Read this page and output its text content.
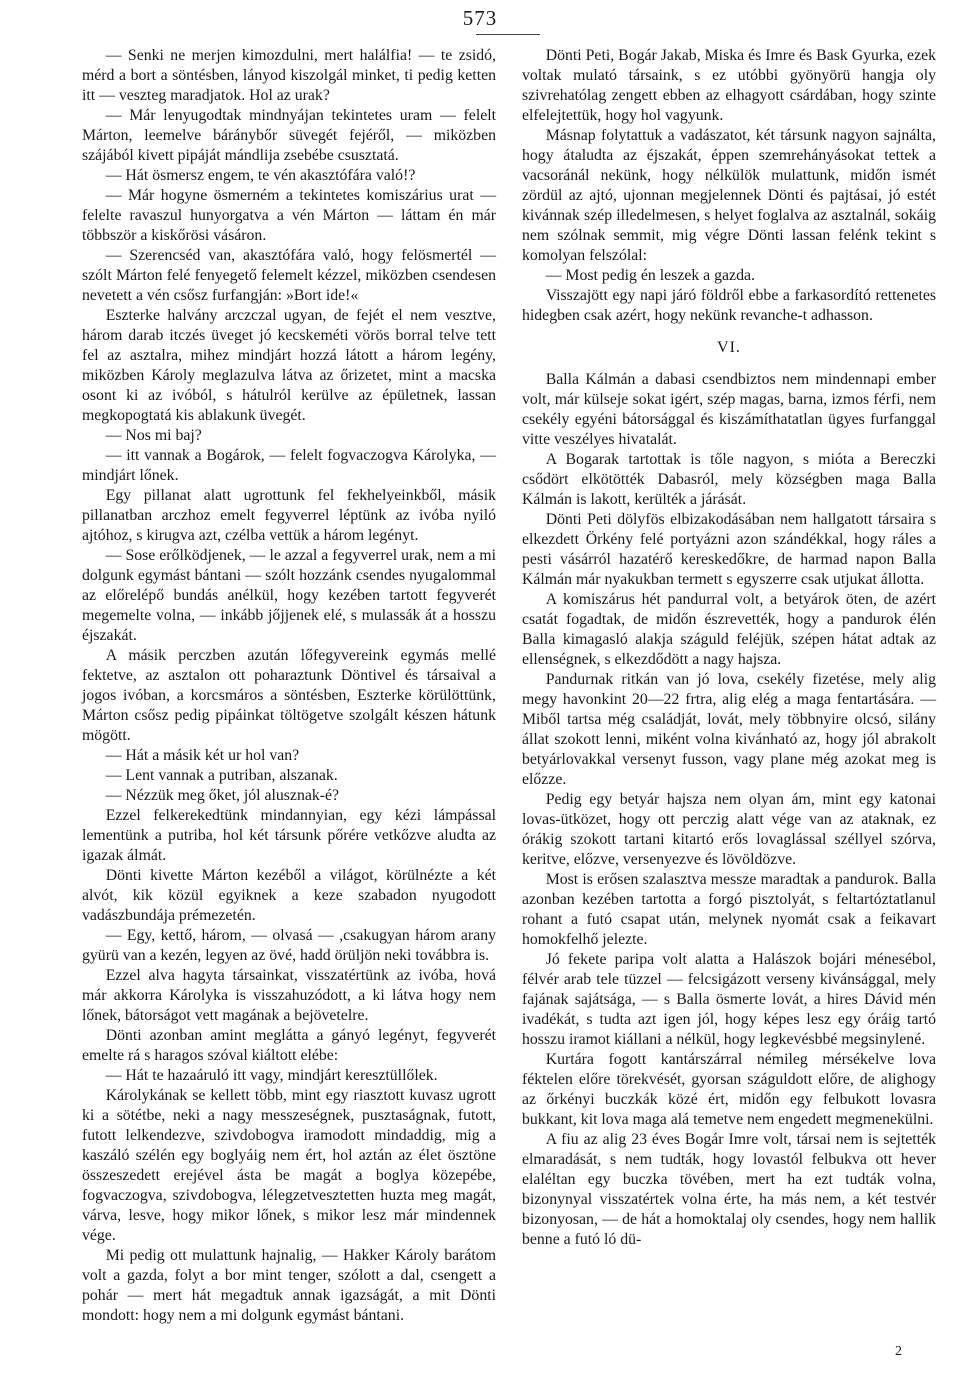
573

— Senki ne merjen kimozdulni, mert halálfia! — te zsidó, mérd a bort a söntésben, lányod kiszolgál minket, ti pedig ketten itt — veszteg maradjatok. Hol az urak?

— Már lenyugodtak mindnyájan tekintetes uram — felelt Márton, leemelve báránybőr süvegét fejéről, — miközben szájából kivett pipáját mándlija zsebébe csusztatá.

— Hát ösmersz engem, te vén akasztófára való!?

— Már hogyne ösmerném a tekintetes komiszárius urat — felelte ravaszul hunyorgatva a vén Márton — láttam én már többször a kiskőrösi vásáron.

— Szerencséd van, akasztófára való, hogy felösmertél — szólt Márton felé fenyegető felemelt kézzel, miközben csendesen nevetett a vén csősz furfangján: »Bort ide!«

Eszterke halvány arczczal ugyan, de fejét el nem vesztve, három darab itczés üveget jó kecskeméti vörös borral telve tett fel az asztalra, mihez mindjárt hozzá látott a három legény, miközben Károly meglazulva látva az őrizetet, mint a macska osont ki az ivóból, s hátulról kerülve az épületnek, lassan megkopogtatá kis ablakunk üvegét.

— Nos mi baj?

— itt vannak a Bogárok, — felelt fogvaczogva Károlyka, — mindjárt lőnek.

Egy pillanat alatt ugrottunk fel fekhelyeinkből, másik pillanatban arczhoz emelt fegyverrel léptünk az ivóba nyiló ajtóhoz, s kirugva azt, czélba vettük a három legényt.

— Sose erőlködjenek, — le azzal a fegyverrel urak, nem a mi dolgunk egymást bántani — szólt hozzánk csendes nyugalommal az előrelépő bundás anélkül, hogy kezében tartott fegyverét megemelte volna, — inkább jőjjenek elé, s mulassák át a hosszu éjszakát.

A másik perczben azután lőfegyvereink egymás mellé fektetve, az asztalon ott poharaztunk Döntivel és társaival a jogos ivóban, a korcsmáros a söntésben, Eszterke körülöttünk, Márton csősz pedig pipáinkat töltögetve szolgált készen hátunk mögött.

— Hát a másik két ur hol van?

— Lent vannak a putriban, alszanak.

— Nézzük meg őket, jól alusznak-é?

Ezzel felkerekedtünk mindannyian, egy kézi lámpással lementünk a putriba, hol két társunk pőrére vetkőzve aludta az igazak álmát.

Dönti kivette Márton kezéből a világot, körülnézte a két alvót, kik közül egyiknek a keze szabadon nyugodott vadászbundája prémezetén.

— Egy, kettő, három, — olvasá — ,csakugyan három arany gyürü van a kezén, legyen az övé, hadd örüljön neki továbbra is.

Ezzel alva hagyta társainkat, visszatértünk az ivóba, hová már akkorra Károlyka is visszahuzódott, a ki látva hogy nem lőnek, bátorságot vett magának a bejövetelre.

Dönti azonban amint meglátta a gányó legényt, fegyverét emelte rá s haragos szóval kiáltott elébe:

— Hát te hazaáruló itt vagy, mindjárt keresztüllőlek.

Károlykának se kellett több, mint egy riasztott kuvasz ugrott ki a sötétbe, neki a nagy messzeségnek, pusztaságnak, futott, futott lelkendezve, szivdobogva iramodott mindaddig, mig a kaszáló szélén egy boglyáig nem ért, hol aztán az élet ösztöne összeszedett erejével ásta be magát a boglya közepébe, fogvaczogva, szivdobogva, lélegzetvesztetten huzta meg magát, várva, lesve, hogy mikor lőnek, s mikor lesz már mindennek vége.

Mi pedig ott mulattunk hajnalig, — Hakker Károly barátom volt a gazda, folyt a bor mint tenger, szólott a dal, csengett a pohár — mert hát megadtuk annak igazságát, a mit Dönti mondott: hogy nem a mi dolgunk egymást bántani.

Dönti Peti, Bogár Jakab, Miska és Imre és Bask Gyurka, ezek voltak mulató társaink, s ez utóbbi gyönyörü hangja oly szivrehatólag zengett ebben az elhagyott csárdában, hogy szinte elfelejtettük, hogy hol vagyunk.

Másnap folytattuk a vadászatot, két társunk nagyon sajnálta, hogy átaludta az éjszakát, éppen szemrehányásokat tettek a vacsoránál nekünk, hogy nélkülök mulattunk, midőn ismét zördül az ajtó, ujonnan megjelennek Dönti és pajtásai, jó estét kivánnak szép illedelmesen, s helyet foglalva az asztalnál, sokáig nem szólnak semmit, mig végre Dönti lassan felénk tekint s komolyan felszólal:

— Most pedig én leszek a gazda.

Visszajött egy napi járó földről ebbe a farkasordító rettenetes hidegben csak azért, hogy nekünk revanche-t adhasson.

VI.

Balla Kálmán a dabasi csendbiztos nem mindennapi ember volt, már külseje sokat igért, szép magas, barna, izmos férfi, nem csekély egyéni bátorsággal és kiszámíthatatlan ügyes furfanggal vitte veszélyes hivatalát.

A Bogarak tartottak is tőle nagyon, s mióta a Bereczki csődört elkötötték Dabasról, mely községben maga Balla Kálmán is lakott, kerülték a járását.

Dönti Peti dölyfös elbizakodásában nem hallgatott társaira s elkezdett Örkény felé portyázni azon szándékkal, hogy ráles a pesti vásárról hazatérő kereskedőkre, de harmad napon Balla Kálmán már nyakukban termett s egyszerre csak utjukat állotta.

A komiszárus hét pandurral volt, a betyárok öten, de azért csatát fogadtak, de midőn észrevették, hogy a pandurok élén Balla kimagasló alakja száguld feléjük, szépen hátat adtak az ellenségnek, s elkezdődött a nagy hajsza.

Pandurnak ritkán van jó lova, csekély fizetése, mely alig megy havonkint 20—22 frtra, alig elég a maga fentartására. — Miből tartsa még családját, lovát, mely többnyire olcsó, silány állat szokott lenni, miként volna kivánható az, hogy jól abrakolt betyárlovakkal versenyt fusson, vagy plane még azokat meg is előzze.

Pedig egy betyár hajsza nem olyan ám, mint egy katonai lovas-ütközet, hogy ott perczig alatt vége van az ataknak, ez órákig szokott tartani kitartó erős lovaglással széllyel szórva, keritve, előzve, versenyezve és lövöldözve.

Most is erősen szalasztva messze maradtak a pandurok. Balla azonban kezében tartotta a forgó pisztolyát, s feltartóztatlanul rohant a futó csapat után, melynek nyomát csak a feikavart homokfelhő jelezte.

Jó fekete paripa volt alatta a Halászok bojári ménesébol, félvér arab tele tüzzel — felcsigázott verseny kivánsággal, mely fajának sajátsága, — s Balla ösmerte lovát, a hires Dávid mén ivadékát, s tudta azt igen jól, hogy képes lesz egy óráig tartó hosszu iramot kiállani a nélkül, hogy legkevésbbé megsinylené.

Kurtára fogott kantárszárral némileg mérsékelve lova féktelen előre törekvését, gyorsan száguldott előre, de alighogy az őrkényi buczkák közé ért, midőn egy felbukott lovasra bukkant, kit lova maga alá temetve nem engedett megmenekülni.

A fiu az alig 23 éves Bogár Imre volt, társai nem is sejtették elmaradását, s nem tudták, hogy lovastól felbukva ott hever elaléltan egy buczka tövében, mert ha ezt tudták volna, bizonynyal visszatértek volna érte, ha más nem, a két testvér bizonyosan, — de hát a homoktalaj oly csendes, hogy nem hallik benne a futó ló dü-

2
